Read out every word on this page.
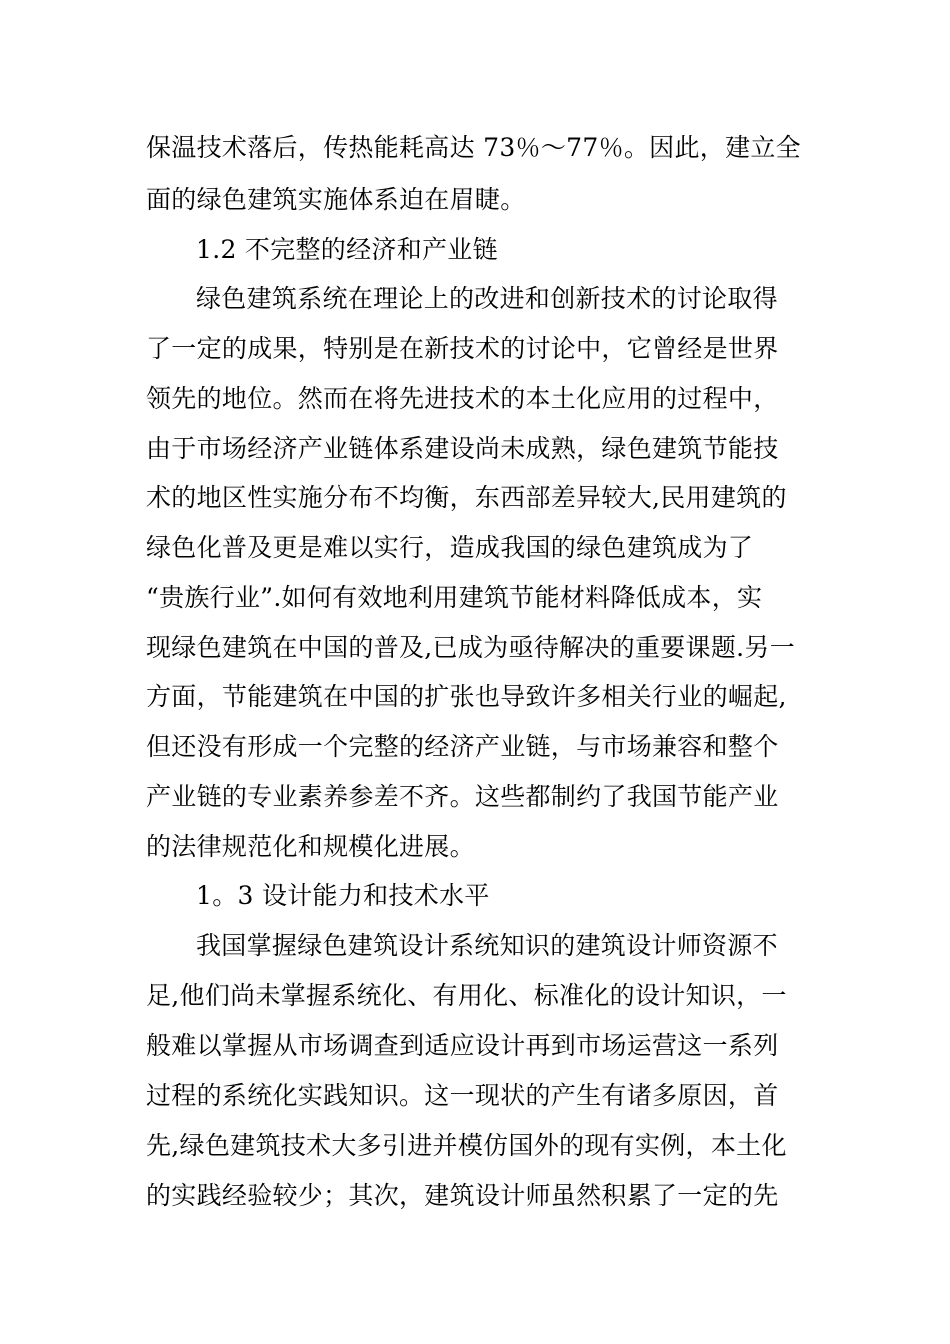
保温技术落后，传热能耗高达 73％～77％。因此，建立全
面的绿色建筑实施体系迫在眉睫。
1.2 不完整的经济和产业链
绿色建筑系统在理论上的改进和创新技术的讨论取得
了一定的成果，特别是在新技术的讨论中，它曾经是世界
领先的地位。然而在将先进技术的本土化应用的过程中，
由于市场经济产业链体系建设尚未成熟，绿色建筑节能技
术的地区性实施分布不均衡，东西部差异较大,民用建筑的
绿色化普及更是难以实行，造成我国的绿色建筑成为了
“贵族行业”.如何有效地利用建筑节能材料降低成本，实
现绿色建筑在中国的普及,已成为亟待解决的重要课题.另一
方面，节能建筑在中国的扩张也导致许多相关行业的崛起,
但还没有形成一个完整的经济产业链，与市场兼容和整个
产业链的专业素养参差不齐。这些都制约了我国节能产业
的法律规范化和规模化进展。
1。3 设计能力和技术水平
我国掌握绿色建筑设计系统知识的建筑设计师资源不
足,他们尚未掌握系统化、有用化、标准化的设计知识，一
般难以掌握从市场调查到适应设计再到市场运营这一系列
过程的系统化实践知识。这一现状的产生有诸多原因，首
先,绿色建筑技术大多引进并模仿国外的现有实例，本土化
的实践经验较少；其次，建筑设计师虽然积累了一定的先
